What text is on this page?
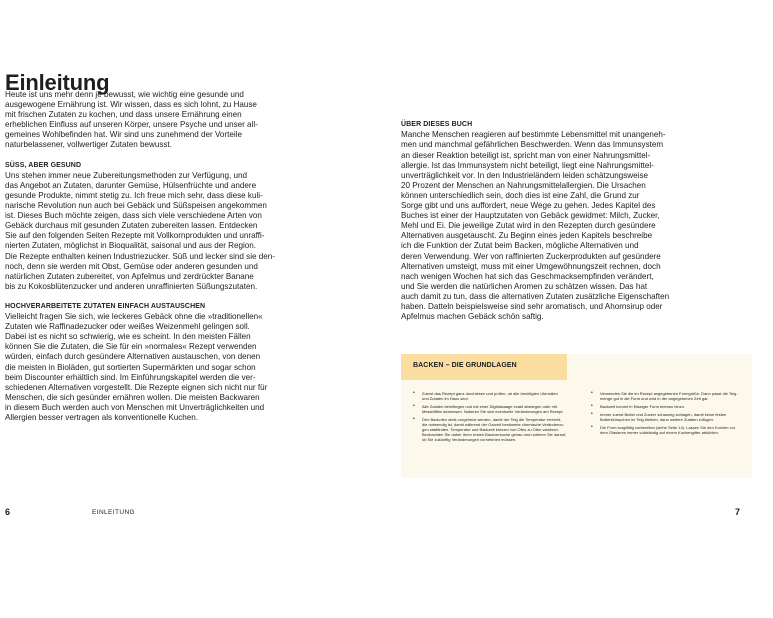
Einleitung

Heute ist uns mehr denn je bewusst, wie wichtig eine gesunde und

ausgewogene Ernährung ist. Wir wissen, dass es sich lohnt, zu Hause

mit frischen Zutaten zu kochen, und dass unsere Ernährung einen

erheblichen Einfluss auf unseren Körper, unsere Psyche und unser all-

gemeines Wohlbefinden hat. Wir sind uns zunehmend der Vorteile

naturbelassener, vollwertiger Zutaten bewusst.

SÜSS, ABER GESUND

Uns stehen immer neue Zubereitungsmethoden zur Verfügung, und

das Angebot an Zutaten, darunter Gemüse, Hülsenfrüchte und andere

gesunde Produkte, nimmt stetig zu. Ich freue mich sehr, dass diese kuli-

narische Revolution nun auch bei Gebäck und Süßspeisen angekommen

ist. Dieses Buch möchte zeigen, dass sich viele verschiedene Arten von

Gebäck durchaus mit gesunden Zutaten zubereiten lassen. Entdecken

Sie auf den folgenden Seiten Rezepte mit Vollkornprodukten und unraffi-

nierten Zutaten, möglichst in Bioqualität, saisonal und aus der Region.

Die Rezepte enthalten keinen Industriezucker. Süß und lecker sind sie den-

noch, denn sie werden mit Obst, Gemüse oder anderen gesunden und

natürlichen Zutaten zubereitet, von Apfelmus und zerdrückter Banane

bis zu Kokosblütenzucker und anderen unraffinierten Süßungszutaten.

HOCHVERARBEITETE ZUTATEN EINFACH AUSTAUSCHEN

Vielleicht fragen Sie sich, wie leckeres Gebäck ohne die »traditionellen«

Zutaten wie Raffinadezucker oder weißes Weizenmehl gelingen soll.

Dabei ist es nicht so schwierig, wie es scheint. In den meisten Fällen

können Sie die Zutaten, die Sie für ein »normales« Rezept verwenden

würden, einfach durch gesündere Alternativen austauschen, von denen

die meisten in Bioläden, gut sortierten Supermärkten und sogar schon

beim Discounter erhältlich sind. Im Einführungskapitel werden die ver-

schiedenen Alternativen vorgestellt. Die Rezepte eignen sich nicht nur für

Menschen, die sich gesünder ernähren wollen. Die meisten Backwaren

in diesem Buch werden auch von Menschen mit Unverträglichkeiten und

Allergien besser vertragen als konventionelle Kuchen.

ÜBER DIESES BUCH

Manche Menschen reagieren auf bestimmte Lebensmittel mit unangeneh-

men und manchmal gefährlichen Beschwerden. Wenn das Immunsystem

an dieser Reaktion beteiligt ist, spricht man von einer Nahrungsmittel-

allergie. Ist das Immunsystem nicht beteiligt, liegt eine Nahrungsmittel-

unverträglichkeit vor. In den Industrieländern leiden schätzungsweise

20 Prozent der Menschen an Nahrungsmittelallergien. Die Ursachen

können unterschiedlich sein, doch dies ist eine Zahl, die Grund zur

Sorge gibt und uns auffordert, neue Wege zu gehen. Jedes Kapitel des

Buches ist einer der Hauptzutaten von Gebäck gewidmet: Milch, Zucker,

Mehl und Ei. Die jeweilige Zutat wird in den Rezepten durch gesündere

Alternativen ausgetauscht. Zu Beginn eines jeden Kapitels beschreibe

ich die Funktion der Zutat beim Backen, mögliche Alternativen und

deren Verwendung. Wer von raffinierten Zuckerprodukten auf gesündere

Alternativen umsteigt, muss mit einer Umgewöhnungszeit rechnen, doch

nach wenigen Wochen hat sich das Geschmacksempfinden verändert,

und Sie werden die natürlichen Aromen zu schätzen wissen. Das hat

auch damit zu tun, dass die alternativen Zutaten zusätzliche Eigenschaften

haben. Datteln beispielsweise sind sehr aromatisch, und Ahornsirup oder

Apfelmus machen Gebäck schön saftig.

BACKEN – DIE GRUNDLAGEN
• Zuerst das Rezept ganz durchlesen und prüfen, ob alle benötigten Utensilien

und Zutaten im Haus sind.

• Alle Zutaten bereitlegen und mit einer Digitalwaage exakt abwiegen oder mit

Messlöffeln abmessen. Notieren Sie sich eventuelle Veränderungen am Rezept.

• Den Backofen stets vorgeheizt werden, damit der Teig die Temperatur erreicht,

die notwendig ist, damit während der Garzeit bestimmte chemische Veränderun-

gen stattfinden. Temperatur und Backzeit können von Ofen zu Ofen variieren.

Beobachten Sie daher Ihren ersten Backversuche genau und notieren Sie darauf,

ob Sie zukünftig Veränderungen vornehmen müssen.

• Verwenden Sie die im Rezept angegebenen Formgröße. Dann passt die Teig-

menge gut in die Form und wird in der angegebenen Zeit gar.

• Backzeit kommt in flüssiger Form ebenso hinzu.

• Immer zuerst Butter und Zucker schaumig schlagen, damit keine festen

Butterklümpchen im Teig bleiben, dann weitere Zutaten zufügen.

• Die Form sorgfältig vorbereiten (siehe Seite 14). Lassen Sie den Kuchen vor

dem Glasieren immer vollständig auf einem Kuchengitter abkühlen.

6	EINLEITUNG	7
